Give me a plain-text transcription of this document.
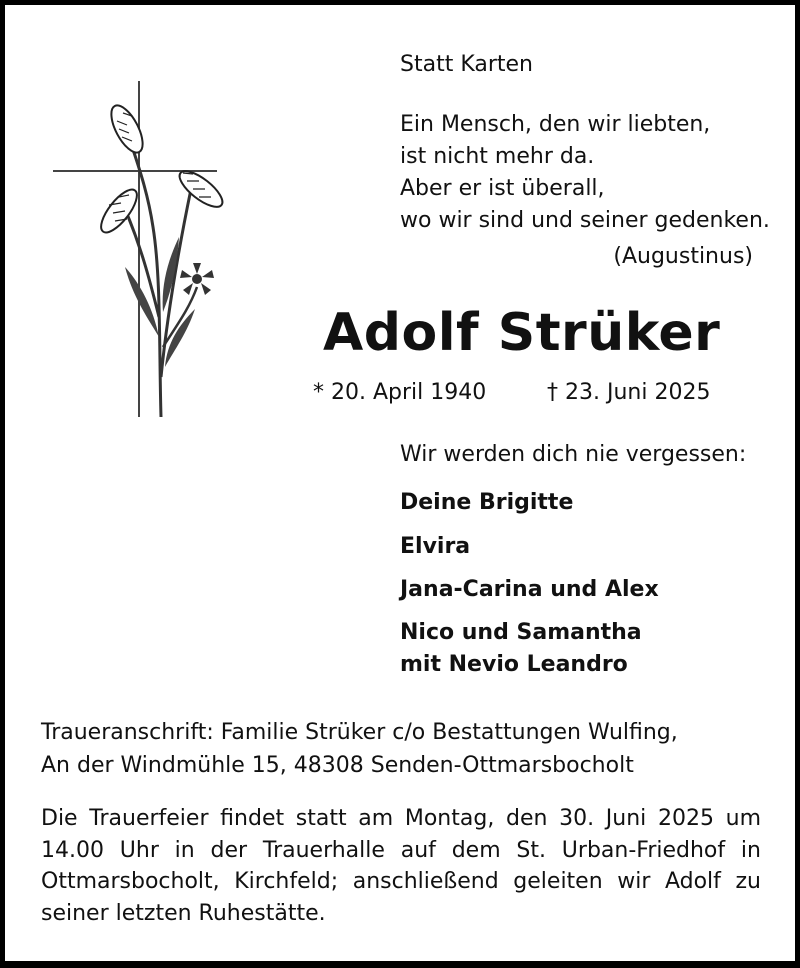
Statt Karten
Ein Mensch, den wir liebten,
ist nicht mehr da.
Aber er ist überall,
wo wir sind und seiner gedenken.
(Augustinus)
Adolf Strüker
* 20. April 1940	† 23. Juni 2025
Wir werden dich nie vergessen:
Deine Brigitte
Elvira
Jana-Carina und Alex
Nico und Samantha
mit Nevio Leandro
Traueranschrift: Familie Strüker c/o Bestattungen Wulfing,
An der Windmühle 15, 48308 Senden-Ottmarsbocholt
Die Trauerfeier findet statt am Montag, den 30. Juni 2025 um
14.00 Uhr in der Trauerhalle auf dem St. Urban-Friedhof in
Ottmarsbocholt, Kirchfeld; anschließend geleiten wir Adolf zu
seiner letzten Ruhestätte.
